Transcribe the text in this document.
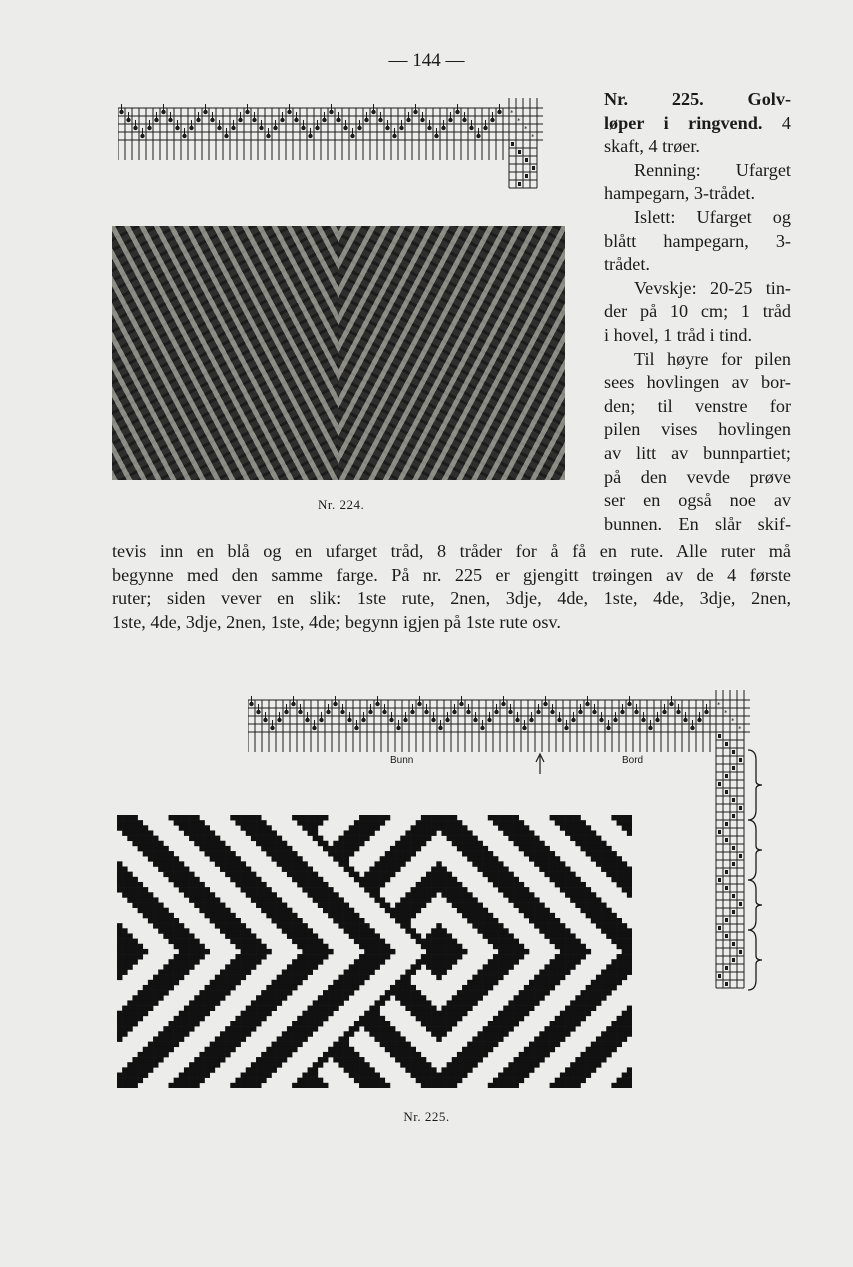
— 144 —
*
*
*
*
Nr. 224.
Nr. 225. Golv-
løper i ringvend. 4
skaft, 4 trøer.
Renning: Ufarget
hampegarn, 3-trådet.
Islett: Ufarget og
blått hampegarn, 3-
trådet.
Vevskje: 20-25 tin-
der på 10 cm; 1 tråd
i hovel, 1 tråd i tind.
Til høyre for pilen
sees hovlingen av bor-
den; til venstre for
pilen vises hovlingen
av litt av bunnpartiet;
på den vevde prøve
ser en også noe av
bunnen. En slår skif-
tevis inn en blå og en ufarget tråd, 8 tråder for å få en rute. Alle ruter må
begynne med den samme farge. På nr. 225 er gjengitt trøingen av de 4 første
ruter; siden vever en slik: 1ste rute, 2nen, 3dje, 4de, 1ste, 4de, 3dje, 2nen,
1ste, 4de, 3dje, 2nen, 1ste, 4de; begynn igjen på 1ste rute osv.
*
*
*
*
Bunn	Bord
Nr. 225.
